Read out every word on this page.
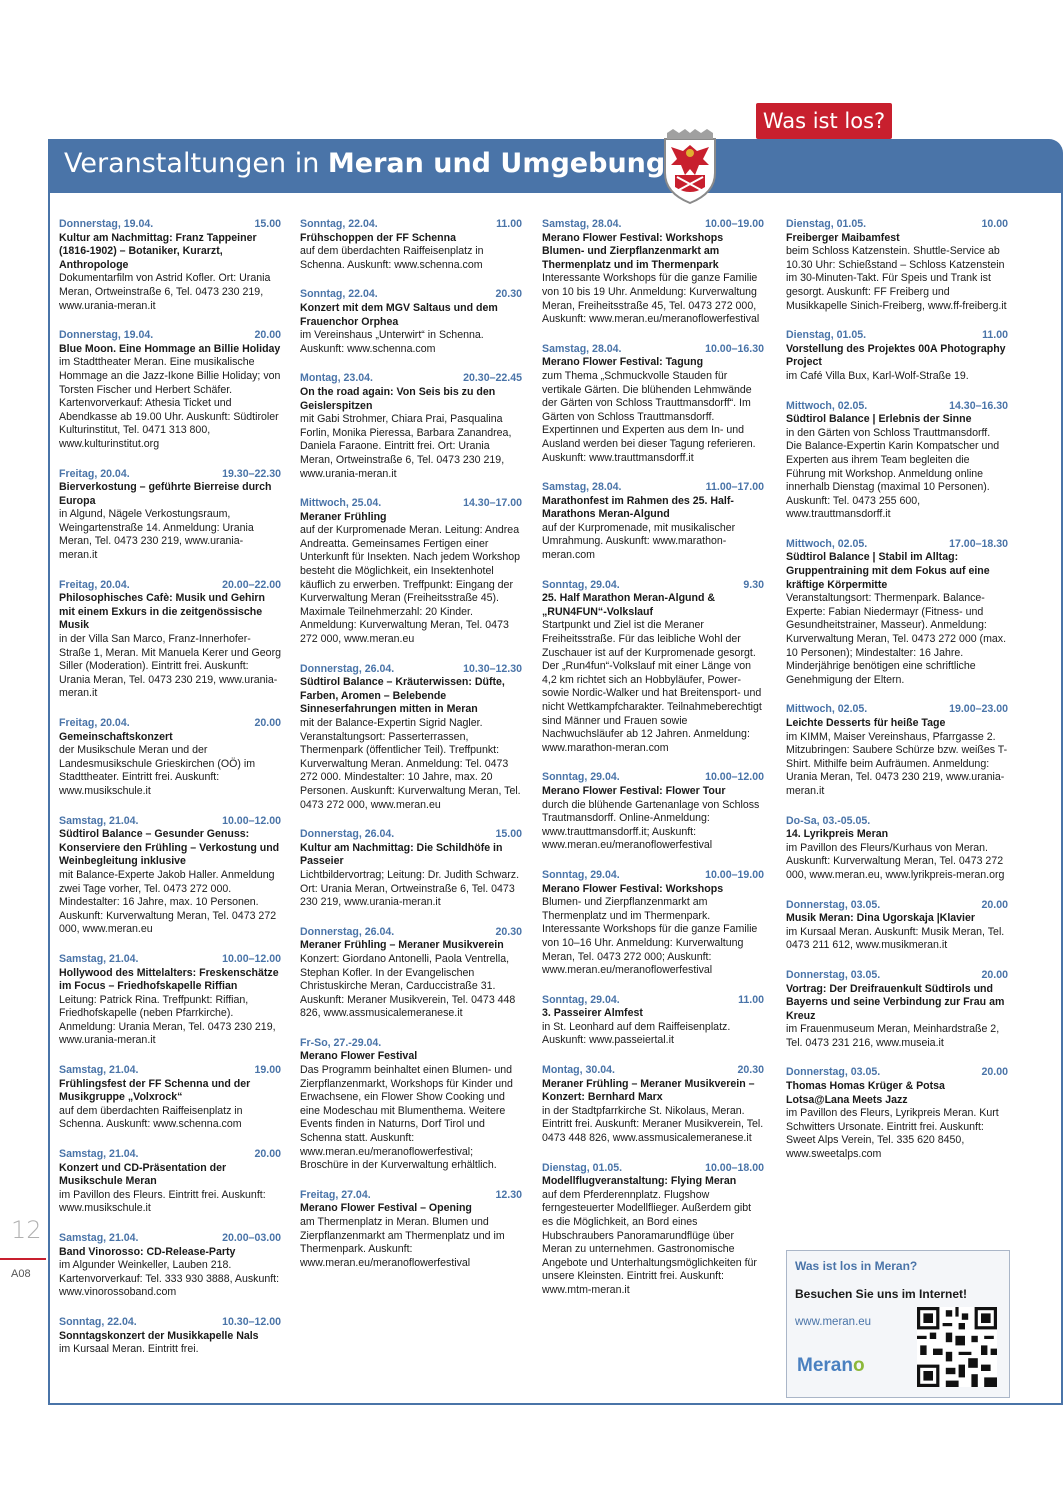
Was ist los?
Veranstaltungen in Meran und Umgebung
Donnerstag, 19.04.	15.00
Kultur am Nachmittag: Franz Tappeiner (1816-1902) – Botaniker, Kurarzt, Anthropologe
Dokumentarfilm von Astrid Kofler. Ort: Urania Meran, Ortweinstraße 6, Tel. 0473 230 219, www.urania-meran.it
Donnerstag, 19.04.	20.00
Blue Moon. Eine Hommage an Billie Holiday
im Stadttheater Meran. Eine musikalische Hommage an die Jazz-Ikone Billie Holiday; von Torsten Fischer und Herbert Schäfer. Kartenvorverkauf: Athesia Ticket und Abendkasse ab 19.00 Uhr. Auskunft: Südtiroler Kulturinstitut, Tel. 0471 313 800, www.kulturinstitut.org
Freitag, 20.04.	19.30–22.30
Bierverkostung – geführte Bierreise durch Europa
in Algund, Nägele Verkostungsraum, Weingartenstraße 14. Anmeldung: Urania Meran, Tel. 0473 230 219, www.urania-meran.it
Freitag, 20.04.	20.00–22.00
Philosophisches Cafè: Musik und Gehirn mit einem Exkurs in die zeitgenössische Musik
in der Villa San Marco, Franz-Innerhofer-Straße 1, Meran. Mit Manuela Kerer und Georg Siller (Moderation). Eintritt frei. Auskunft: Urania Meran, Tel. 0473 230 219, www.urania-meran.it
Freitag, 20.04.	20.00
Gemeinschaftskonzert
der Musikschule Meran und der Landesmusikschule Grieskirchen (OÖ) im Stadttheater. Eintritt frei. Auskunft: www.musikschule.it
Samstag, 21.04.	10.00–12.00
Südtirol Balance – Gesunder Genuss: Konserviere den Frühling – Verkostung und Weinbegleitung inklusive
mit Balance-Experte Jakob Haller. Anmeldung zwei Tage vorher, Tel. 0473 272 000. Mindestalter: 16 Jahre, max. 10 Personen. Auskunft: Kurverwaltung Meran, Tel. 0473 272 000, www.meran.eu
Samstag, 21.04.	10.00–12.00
Hollywood des Mittelalters: Freskenschätze im Focus – Friedhofskapelle Riffian
Leitung: Patrick Rina. Treffpunkt: Riffian, Friedhofskapelle (neben Pfarrkirche). Anmeldung: Urania Meran, Tel. 0473 230 219, www.urania-meran.it
Samstag, 21.04.	19.00
Frühlingsfest der FF Schenna und der Musikgruppe „Volxrock“
auf dem überdachten Raiffeisenplatz in Schenna. Auskunft: www.schenna.com
Samstag, 21.04.	20.00
Konzert und CD-Präsentation der Musikschule Meran
im Pavillon des Fleurs. Eintritt frei. Auskunft: www.musikschule.it
Samstag, 21.04.	20.00–03.00
Band Vinorosso: CD-Release-Party
im Algunder Weinkeller, Lauben 218. Kartenvorverkauf: Tel. 333 930 3888, Auskunft: www.vinorossoband.com
Sonntag, 22.04.	10.30–12.00
Sonntagskonzert der Musikkapelle Nals
im Kursaal Meran. Eintritt frei.
Sonntag, 22.04.	11.00
Frühschoppen der FF Schenna
auf dem überdachten Raiffeisenplatz in Schenna. Auskunft: www.schenna.com
Sonntag, 22.04.	20.30
Konzert mit dem MGV Saltaus und dem Frauenchor Orphea
im Vereinshaus „Unterwirt“ in Schenna. Auskunft: www.schenna.com
Montag, 23.04.	20.30–22.45
On the road again: Von Seis bis zu den Geislerspitzen
mit Gabi Strohmer, Chiara Prai, Pasqualina Forlin, Monika Pieressa, Barbara Zanandrea, Daniela Faraone. Eintritt frei. Ort: Urania Meran, Ortweinstraße 6, Tel. 0473 230 219, www.urania-meran.it
Mittwoch, 25.04.	14.30–17.00
Meraner Frühling
auf der Kurpromenade Meran. Leitung: Andrea Andreatta. Gemeinsames Fertigen einer Unterkunft für Insekten. Nach jedem Workshop besteht die Möglichkeit, ein Insektenhotel käuflich zu erwerben. Treffpunkt: Eingang der Kurverwaltung Meran (Freiheitsstraße 45). Maximale Teilnehmerzahl: 20 Kinder. Anmeldung: Kurverwaltung Meran, Tel. 0473 272 000, www.meran.eu
Donnerstag, 26.04.	10.30–12.30
Südtirol Balance – Kräuterwissen: Düfte, Farben, Aromen – Belebende Sinneserfahrungen mitten in Meran
mit der Balance-Expertin Sigrid Nagler. Veranstaltungsort: Passerterrassen, Thermenpark (öffentlicher Teil). Treffpunkt: Kurverwaltung Meran. Anmeldung: Tel. 0473 272 000. Mindestalter: 10 Jahre, max. 20 Personen. Auskunft: Kurverwaltung Meran, Tel. 0473 272 000, www.meran.eu
Donnerstag, 26.04.	15.00
Kultur am Nachmittag: Die Schildhöfe in Passeier
Lichtbildervortrag; Leitung: Dr. Judith Schwarz. Ort: Urania Meran, Ortweinstraße 6, Tel. 0473 230 219, www.urania-meran.it
Donnerstag, 26.04.	20.30
Meraner Frühling – Meraner Musikverein
Konzert: Giordano Antonelli, Paola Ventrella, Stephan Kofler. In der Evangelischen Christuskirche Meran, Carduccistraße 31. Auskunft: Meraner Musikverein, Tel. 0473 448 826, www.assmusicalemeranese.it
Fr-So, 27.-29.04.
Merano Flower Festival
Das Programm beinhaltet einen Blumen- und Zierpflanzenmarkt, Workshops für Kinder und Erwachsene, ein Flower Show Cooking und eine Modeschau mit Blumenthema. Weitere Events finden in Naturns, Dorf Tirol und Schenna statt. Auskunft: www.meran.eu/meranoflowerfestival; Broschüre in der Kurverwaltung erhältlich.
Freitag, 27.04.	12.30
Merano Flower Festival – Opening
am Thermenplatz in Meran. Blumen und Zierpflanzenmarkt am Thermenplatz und im Thermenpark. Auskunft: www.meran.eu/meranoflowerfestival
Samstag, 28.04.	10.00–19.00
Merano Flower Festival: Workshops Blumen- und Zierpflanzenmarkt am Thermenplatz und im Thermenpark
Interessante Workshops für die ganze Familie von 10 bis 19 Uhr. Anmeldung: Kurverwaltung Meran, Freiheitsstraße 45, Tel. 0473 272 000, Auskunft: www.meran.eu/meranoflowerfestival
Samstag, 28.04.	10.00–16.30
Merano Flower Festival: Tagung
zum Thema „Schmuckvolle Stauden für vertikale Gärten. Die blühenden Lehmwände der Gärten von Schloss Trauttmansdorff“. Im Gärten von Schloss Trauttmansdorff. Expertinnen und Experten aus dem In- und Ausland werden bei dieser Tagung referieren. Auskunft: www.trauttmansdorff.it
Samstag, 28.04.	11.00–17.00
Marathonfest im Rahmen des 25. Half-Marathons Meran-Algund
auf der Kurpromenade, mit musikalischer Umrahmung. Auskunft: www.marathon-meran.com
Sonntag, 29.04.	9.30
25. Half Marathon Meran-Algund & „RUN4FUN“-Volkslauf
Startpunkt und Ziel ist die Meraner Freiheitsstraße. Für das leibliche Wohl der Zuschauer ist auf der Kurpromenade gesorgt. Der „Run4fun“-Volkslauf mit einer Länge von 4,2 km richtet sich an Hobbyläufer, Power- sowie Nordic-Walker und hat Breitensport- und nicht Wettkampfcharakter. Teilnahmeberechtigt sind Männer und Frauen sowie Nachwuchsläufer ab 12 Jahren. Anmeldung: www.marathon-meran.com
Sonntag, 29.04.	10.00–12.00
Merano Flower Festival: Flower Tour
durch die blühende Gartenanlage von Schloss Trautmansdorff. Online-Anmeldung: www.trauttmansdorff.it; Auskunft: www.meran.eu/meranoflowerfestival
Sonntag, 29.04.	10.00–19.00
Merano Flower Festival: Workshops
Blumen- und Zierpflanzenmarkt am Thermenplatz und im Thermenpark. Interessante Workshops für die ganze Familie von 10–16 Uhr. Anmeldung: Kurverwaltung Meran, Tel. 0473 272 000; Auskunft: www.meran.eu/meranoflowerfestival
Sonntag, 29.04.	11.00
3. Passeirer Almfest
in St. Leonhard auf dem Raiffeisenplatz. Auskunft: www.passeiertal.it
Montag, 30.04.	20.30
Meraner Frühling – Meraner Musikverein – Konzert: Bernhard Marx
in der Stadtpfarrkirche St. Nikolaus, Meran. Eintritt frei. Auskunft: Meraner Musikverein, Tel. 0473 448 826, www.assmusicalemeranese.it
Dienstag, 01.05.	10.00–18.00
Modellflugveranstaltung: Flying Meran
auf dem Pferderennplatz. Flugshow ferngesteuerter Modellflieger. Außerdem gibt es die Möglichkeit, an Bord eines Hubschraubers Panoramarundflüge über Meran zu unternehmen. Gastronomische Angebote und Unterhaltungsmöglichkeiten für unsere Kleinsten. Eintritt frei. Auskunft: www.mtm-meran.it
Dienstag, 01.05.	10.00
Freiberger Maibamfest
beim Schloss Katzenstein. Shuttle-Service ab 10.30 Uhr: Schießstand – Schloss Katzenstein im 30-Minuten-Takt. Für Speis und Trank ist gesorgt. Auskunft: FF Freiberg und Musikkapelle Sinich-Freiberg, www.ff-freiberg.it
Dienstag, 01.05.	11.00
Vorstellung des Projektes 00A Photography Project
im Café Villa Bux, Karl-Wolf-Straße 19.
Mittwoch, 02.05.	14.30–16.30
Südtirol Balance | Erlebnis der Sinne
in den Gärten von Schloss Trauttmansdorff. Die Balance-Expertin Karin Kompatscher und Experten aus ihrem Team begleiten die Führung mit Workshop. Anmeldung online innerhalb Dienstag (maximal 10 Personen). Auskunft: Tel. 0473 255 600, www.trauttmansdorff.it
Mittwoch, 02.05.	17.00–18.30
Südtirol Balance | Stabil im Alltag: Gruppentraining mit dem Fokus auf eine kräftige Körpermitte
Veranstaltungsort: Thermenpark. Balance-Experte: Fabian Niedermayr (Fitness- und Gesundheitstrainer, Masseur). Anmeldung: Kurverwaltung Meran, Tel. 0473 272 000 (max. 10 Personen); Mindestalter: 16 Jahre. Minderjährige benötigen eine schriftliche Genehmigung der Eltern.
Mittwoch, 02.05.	19.00–23.00
Leichte Desserts für heiße Tage
im KIMM, Maiser Vereinshaus, Pfarrgasse 2. Mitzubringen: Saubere Schürze bzw. weißes T-Shirt. Mithilfe beim Aufräumen. Anmeldung: Urania Meran, Tel. 0473 230 219, www.urania-meran.it
Do-Sa, 03.-05.05.
14. Lyrikpreis Meran
im Pavillon des Fleurs/Kurhaus von Meran. Auskunft: Kurverwaltung Meran, Tel. 0473 272 000, www.meran.eu, www.lyrikpreis-meran.org
Donnerstag, 03.05.	20.00
Musik Meran: Dina Ugorskaja |Klavier
im Kursaal Meran. Auskunft: Musik Meran, Tel. 0473 211 612, www.musikmeran.it
Donnerstag, 03.05.	20.00
Vortrag: Der Dreifrauenkult Südtirols und Bayerns und seine Verbindung zur Frau am Kreuz
im Frauenmuseum Meran, Meinhardstraße 2, Tel. 0473 231 216, www.museia.it
Donnerstag, 03.05.	20.00
Thomas Homas Krüger & Potsa Lotsa@Lana Meets Jazz
im Pavillon des Fleurs, Lyrikpreis Meran. Kurt Schwitters Ursonate. Eintritt frei. Auskunft: Sweet Alps Verein, Tel. 335 620 8450, www.sweetalps.com
Was ist los in Meran?
Besuchen Sie uns im Internet!
www.meran.eu
Merano
12
A08
